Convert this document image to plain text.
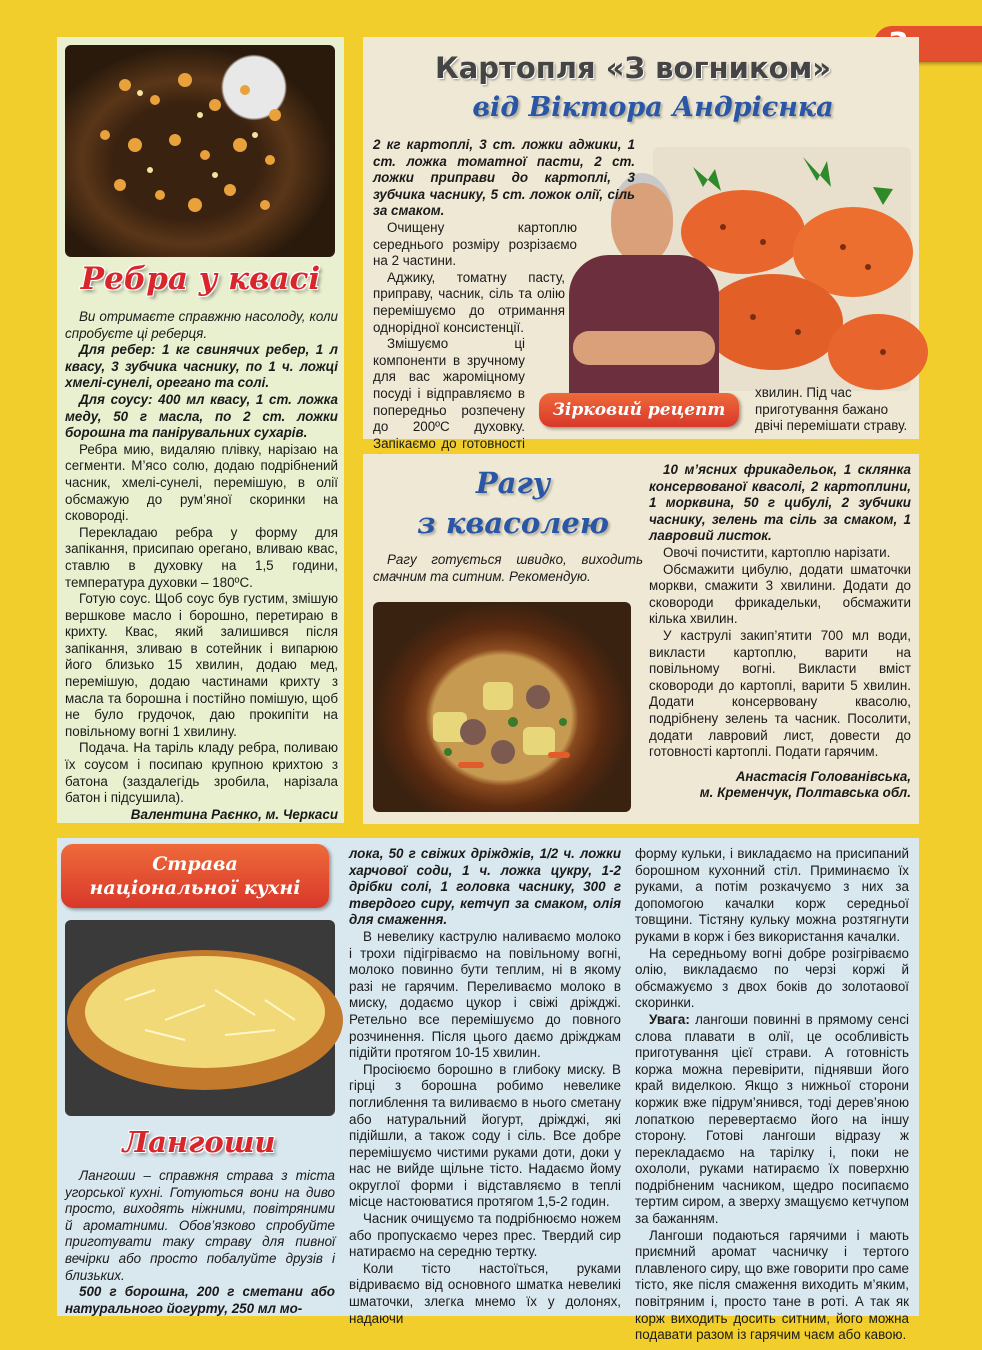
Ребра у квасі

Ви отримаєте справжню насолоду, коли спробуєте ці реберця.

Для ребер: 1 кг свинячих ребер, 1 л квасу, 3 зубчика часнику, по 1 ч. ложці хмелі-сунелі, орегано та солі.

Для соусу: 400 мл квасу, 1 ст. ложка меду, 50 г масла, по 2 ст. ложки борошна та панірувальних сухарів.

Ребра мию, видаляю плівку, нарізаю на сегменти. М’ясо солю, додаю подрібнений часник, хмелі-сунелі, перемішую, в олії обсмажую до рум’яної скоринки на сковороді.

Перекладаю ребра у форму для запікання, присипаю орегано, вливаю квас, ставлю в духовку на 1,5 години, температура духовки – 180ºС.

Готую соус. Щоб соус був густим, змішую вершкове масло і борошно, перетираю в крихту. Квас, який залишився після запікання, зливаю в сотейник і випарюю його близько 15 хвилин, додаю мед, перемішую, додаю частинами крихту з масла та борошна і постійно помішую, щоб не було грудочок, даю прокипіти на повільному вогні 1 хвилину.

Подача. На таріль кладу ребра, поливаю їх соусом і посипаю крупною крихтою з батона (заздалегідь зробила, нарізала батон і підсушила).

Валентина Раєнко, м. Черкаси

Картопля «З вогником»
від Віктора Андрієнка

2 кг картоплі, 3 ст. ложки аджики, 1 ст. ложка томатної пасти, 2 ст. ложки приправи до картоплі, 3 зубчика часнику, 5 ст. ложок олії, сіль за смаком.

Очищену картоплю середнього розміру розрізаємо на 2 частини.

Аджику, томатну пасту, приправу, часник, сіль та олію перемішуємо до отримання однорідної консистенції.

Змішуємо ці компоненти в зручному для вас жароміцному посуді і відправляємо в попередньо розпечену до 200ºС духовку. Запікаємо до готовності

хвилин. Під час приготування бажано двічі перемішати страву.
Зірковий рецепт
Рагу
з квасолею
Рагу готується швидко, виходить смачним та ситним. Рекомендую.

10 м’ясних фрикадельок, 1 склянка консервованої квасолі, 2 картоплини, 1 морквина, 50 г цибулі, 2 зубчики часнику, зелень та сіль за смаком, 1 лавровий листок.

Овочі почистити, картоплю нарізати.

Обсмажити цибулю, додати шматочки моркви, смажити 3 хвилини. Додати до сковороди фрикадельки, обсмажити кілька хвилин.

У каструлі закип’ятити 700 мл води, викласти картоплю, варити на повільному вогні. Викласти вміст сковороди до картоплі, варити 5 хвилин. Додати консервовану квасолю, подрібнену зелень та часник. Посолити, додати лавровий лист, довести до готовності картоплі. Подати гарячим.

Анастасія Голованівська,

м. Кременчук, Полтавська обл.

Страва
національної кухні
Лангоши

Лангоши – справжня страва з тіста угорської кухні. Готуються вони на диво просто, виходять ніжними, повітряними й ароматними. Обов’язково спробуйте приготувати таку страву для пивної вечірки або просто побалуйте друзів і близьких.

500 г борошна, 200 г сметани або натурального йогурту, 250 мл мо-

лока, 50 г свіжих дріжджів, 1/2 ч. ложки харчової соди, 1 ч. ложка цукру, 1-2 дрібки солі, 1 головка часнику, 300 г твердого сиру, кетчуп за смаком, олія для смаження.

В невелику каструлю наливаємо молоко і трохи підігріваємо на повільному вогні, молоко повинно бути теплим, ні в якому разі не гарячим. Переливаємо молоко в миску, додаємо цукор і свіжі дріжджі. Ретельно все перемішуємо до повного розчинення. Після цього даємо дріжджам підійти протягом 10-15 хвилин.

Просіюємо борошно в глибоку миску. В гірці з борошна робимо невелике поглиблення та виливаємо в нього сметану або натуральний йогурт, дріжджі, які підійшли, а також соду і сіль. Все добре перемішуємо чистими руками доти, доки у нас не вийде щільне тісто. Надаємо йому округлої форми і відставляємо в теплі місце настоюватися протягом 1,5-2 годин.

Часник очищуємо та подрібнюємо ножем або пропускаємо через прес. Твердий сир натираємо на середню тертку.

Коли тісто настоїться, руками відриваємо від основного шматка невеликі шматочки, злегка мнемо їх у долонях, надаючи

форму кульки, і викладаємо на присипаний борошном кухонний стіл. Приминаємо їх руками, а потім розкачуємо з них за допомогою качалки корж середньої товщини. Тістяну кульку можна розтягнути руками в корж і без використання качалки.

На середньому вогні добре розігріваємо олію, викладаємо по черзі коржі й обсмажуємо з двох боків до золотаової скоринки.

Увага: лангоши повинні в прямому сенсі слова плавати в олії, це особливість приготування цієї страви. А готовність коржа можна перевірити, піднявши його край виделкою. Якщо з нижньої сторони коржик вже підрум’янився, тоді дерев’яною лопаткою перевертаємо його на іншу сторону. Готові лангоши відразу ж перекладаємо на тарілку і, поки не охололи, руками натираємо їх поверхню подрібненим часником, щедро посипаємо тертим сиром, а зверху змащуємо кетчупом за бажанням.

Лангоши подаються гарячими і мають приємний аромат часничку і тертого плавленого сиру, що вже говорити про саме тісто, яке після смаження виходить м’яким, повітряним і, просто тане в роті. А так як корж виходить досить ситним, його можна подавати разом із гарячим чаєм або кавою.
